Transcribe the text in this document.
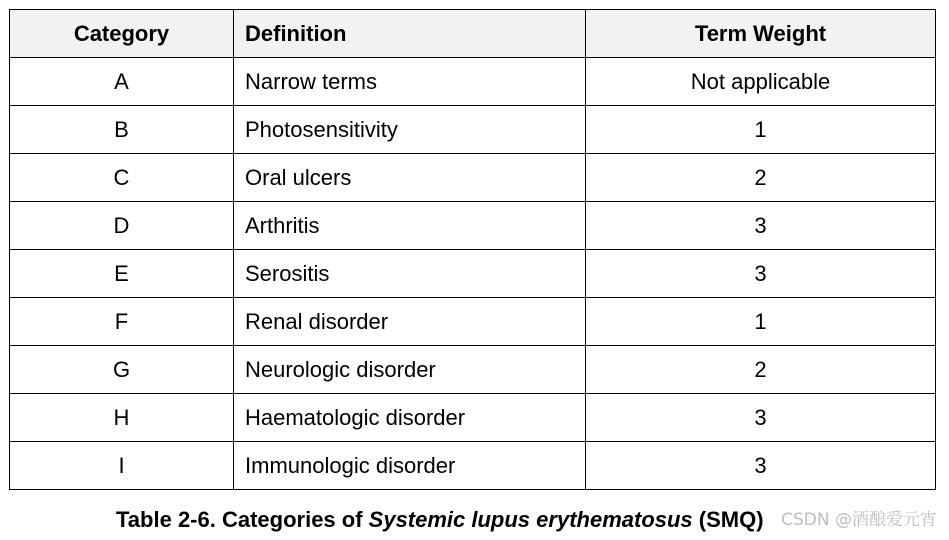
Category	Definition	Term Weight
A	Narrow terms	Not applicable
B	Photosensitivity	1
C	Oral ulcers	2
D	Arthritis	3
E	Serositis	3
F	Renal disorder	1
G	Neurologic disorder	2
H	Haematologic disorder	3
I	Immunologic disorder	3
Table 2-6. Categories of Systemic lupus erythematosus (SMQ) CSDN @酒酿爱元宵
